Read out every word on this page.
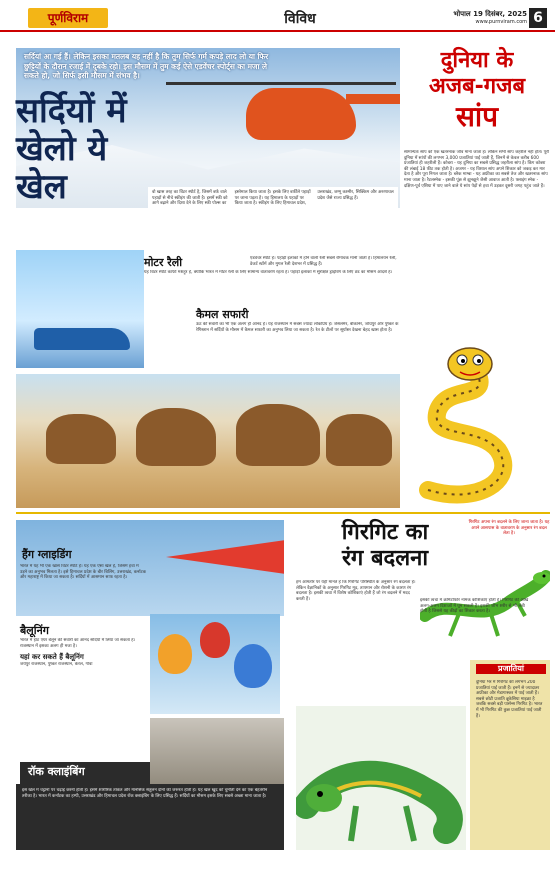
पूर्णविराम	विविध	भोपाल 19 दिसंबर, 2025
www.purnviram.com 6
सर्दियां आ गई हैं। लेकिन इसका मतलब यह नहीं है कि तुम सिर्फ गर्म कपड़े लाद लो या फिर छुट्टियों के दौरान रजाई में दुबके रहो। इस मौसम में तुम कई ऐसे एडवेंचर स्पोर्ट्स का मजा ले सकते हो, जो सिर्फ इसी मौसम में संभव है।
सर्दियों में खेलो ये खेल	वो खास तरह का विंटर स्पोर्ट है, जिसमें बर्फ वाले पहाड़ों से नीचे स्कीइंग की जाती है। इसमें स्की को आगे बढ़ाने और दिशा देने के लिए स्की पोल्स का इस्तेमाल किया जाता है। इसके लिए बर्फीले पहाड़ों पर जाना पड़ता है। यह हिमालय के पहाड़ों पर किया जाता है। स्कीइंग के लिए हिमाचल प्रदेश, उत्तराखंड, जम्मू कश्मीर, सिक्किम और अरुणाचल प्रदेश जैसे राज्य प्रसिद्ध हैं।
दुनिया के
अजब-गजब
सांप
सामान्यतः सांप को एक खतरनाक जीव माना जाता है। लेकिन सभी सांप जहरीले नहीं होते। पूरी दुनिया में सांपों की लगभग 3,000 प्रजातियां पाई जाती हैं, जिनमें से केवल करीब 600 प्रजातियां ही जहरीली हैं। कोबरा - यह दुनिया का सबसे प्रसिद्ध जहरीला सांप है। किंग कोबरा की लंबाई 18 फीट तक होती है। अजगर - यह विशाल सांप अपने शिकार को जकड़ कर मार देता है और पूरा निगल जाता है। ब्लैक माम्बा - यह अफ्रीका का सबसे तेज और खतरनाक सांप माना जाता है। रैटलस्नेक - इसकी पूंछ से झुनझुने जैसी आवाज आती है। फ्लाइंग स्नेक - दक्षिण-पूर्व एशिया में पाए जाने वाले ये सांप पेड़ों से हवा में उड़कर दूसरी जगह पहुंच जाते हैं।
मोटर रैली	एडवेंचर स्पोर्ट है। पहाड़ी इलाकों में होने वाली रैली सबसे रोमांचक मानी जाती है। हिमालयन रैली, डेजर्ट स्टॉर्म और मुगल रैली देशभर में प्रसिद्ध हैं।
यह विंटर स्पोर्ट काफी मशहूर है, क्योंकि भारत में मोटर रैली के लिए सामान्य वातावरण रहता है। पहाड़ी इलाकों में सुरक्षित ड्राइविंग के लिए ठंड का मौसम आदर्श है।
कैमल सफारी
ऊंट की सवारी का भी एक अलग ही आनंद है। यह राजस्थान में सबसे ज्यादा लोकप्रिय है। जैसलमेर, बीकानेर, जोधपुर और पुष्कर के रेगिस्तान में सर्दियों के मौसम में कैमल सफारी का अनुभव लिया जा सकता है। रेत के टीलों पर सूर्यास्त देखना बेहद खास होता है।
हैंग ग्लाइडिंग
भारत में यह भी एक खास विंटर स्पोर्ट है। यह एक ऐसा खेल है, जिसमें हवा में उड़ने का अनुभव मिलता है। इसे हिमाचल प्रदेश के बीर बिलिंग, उत्तराखंड, कर्नाटक और महाराष्ट्र में किया जा सकता है। सर्दियों में आसमान साफ रहता है।
बैलूनिंग
भारत में हॉट एयर बैलून की सवारी का आनंद सर्दियों में लिया जा सकता है। राजस्थान में इसका अलग ही मजा है।
यहां कर सकते हैं बैलूनिंग
जयपुर राजस्थान, पुष्कर राजस्थान, केरल, गोवा
रॉक क्लाइंबिंग
इस खेल में चट्टानों पर चढ़ाई करनी होती है। इसमें शारीरिक ताकत और मानसिक संतुलन दोनों की जरूरत होती है। यह खेल खुद को चुनौती देने का एक बेहतरीन तरीका है। भारत में कर्नाटक का हम्पी, उत्तराखंड और हिमाचल प्रदेश रॉक क्लाइंबिंग के लिए प्रसिद्ध हैं। सर्दियों का मौसम इसके लिए सबसे अच्छा माना जाता है।
गिरगिट का
रंग बदलना
गिरगिट अपना रंग बदलने के लिए जाना जाता है। यह अपने आसपास के वातावरण के अनुसार रंग बदल लेता है।
हम आमतौर पर यही मानते हैं कि गिरगिट परिस्थिति के अनुसार रंग बदलता है। लेकिन वैज्ञानिकों के अनुसार गिरगिट मूड, तापमान और रोशनी के कारण रंग बदलता है। इसकी त्वचा में विशेष कोशिकाएं होती हैं जो रंग बदलने में मदद करती हैं।	इसकी त्वचा में क्रोमैटोफोर नामक कोशिकाएं होती हैं। गिरगिट की आंखें अलग-अलग दिशाओं में घूम सकती हैं। इसकी जीभ शरीर से भी लंबी होती है जिससे यह कीड़ों का शिकार करता है।
प्रजातियां
दुनिया भर में गिरगिट की लगभग 200 प्रजातियां पाई जाती हैं। इनमें से ज्यादातर अफ्रीका और मेडागास्कर में पाई जाती हैं। सबसे छोटी प्रजाति ब्रूकेसिया माइक्रा है जबकि सबसे बड़ी पार्सन्स गिरगिट है। भारत में भी गिरगिट की कुछ प्रजातियां पाई जाती हैं।
